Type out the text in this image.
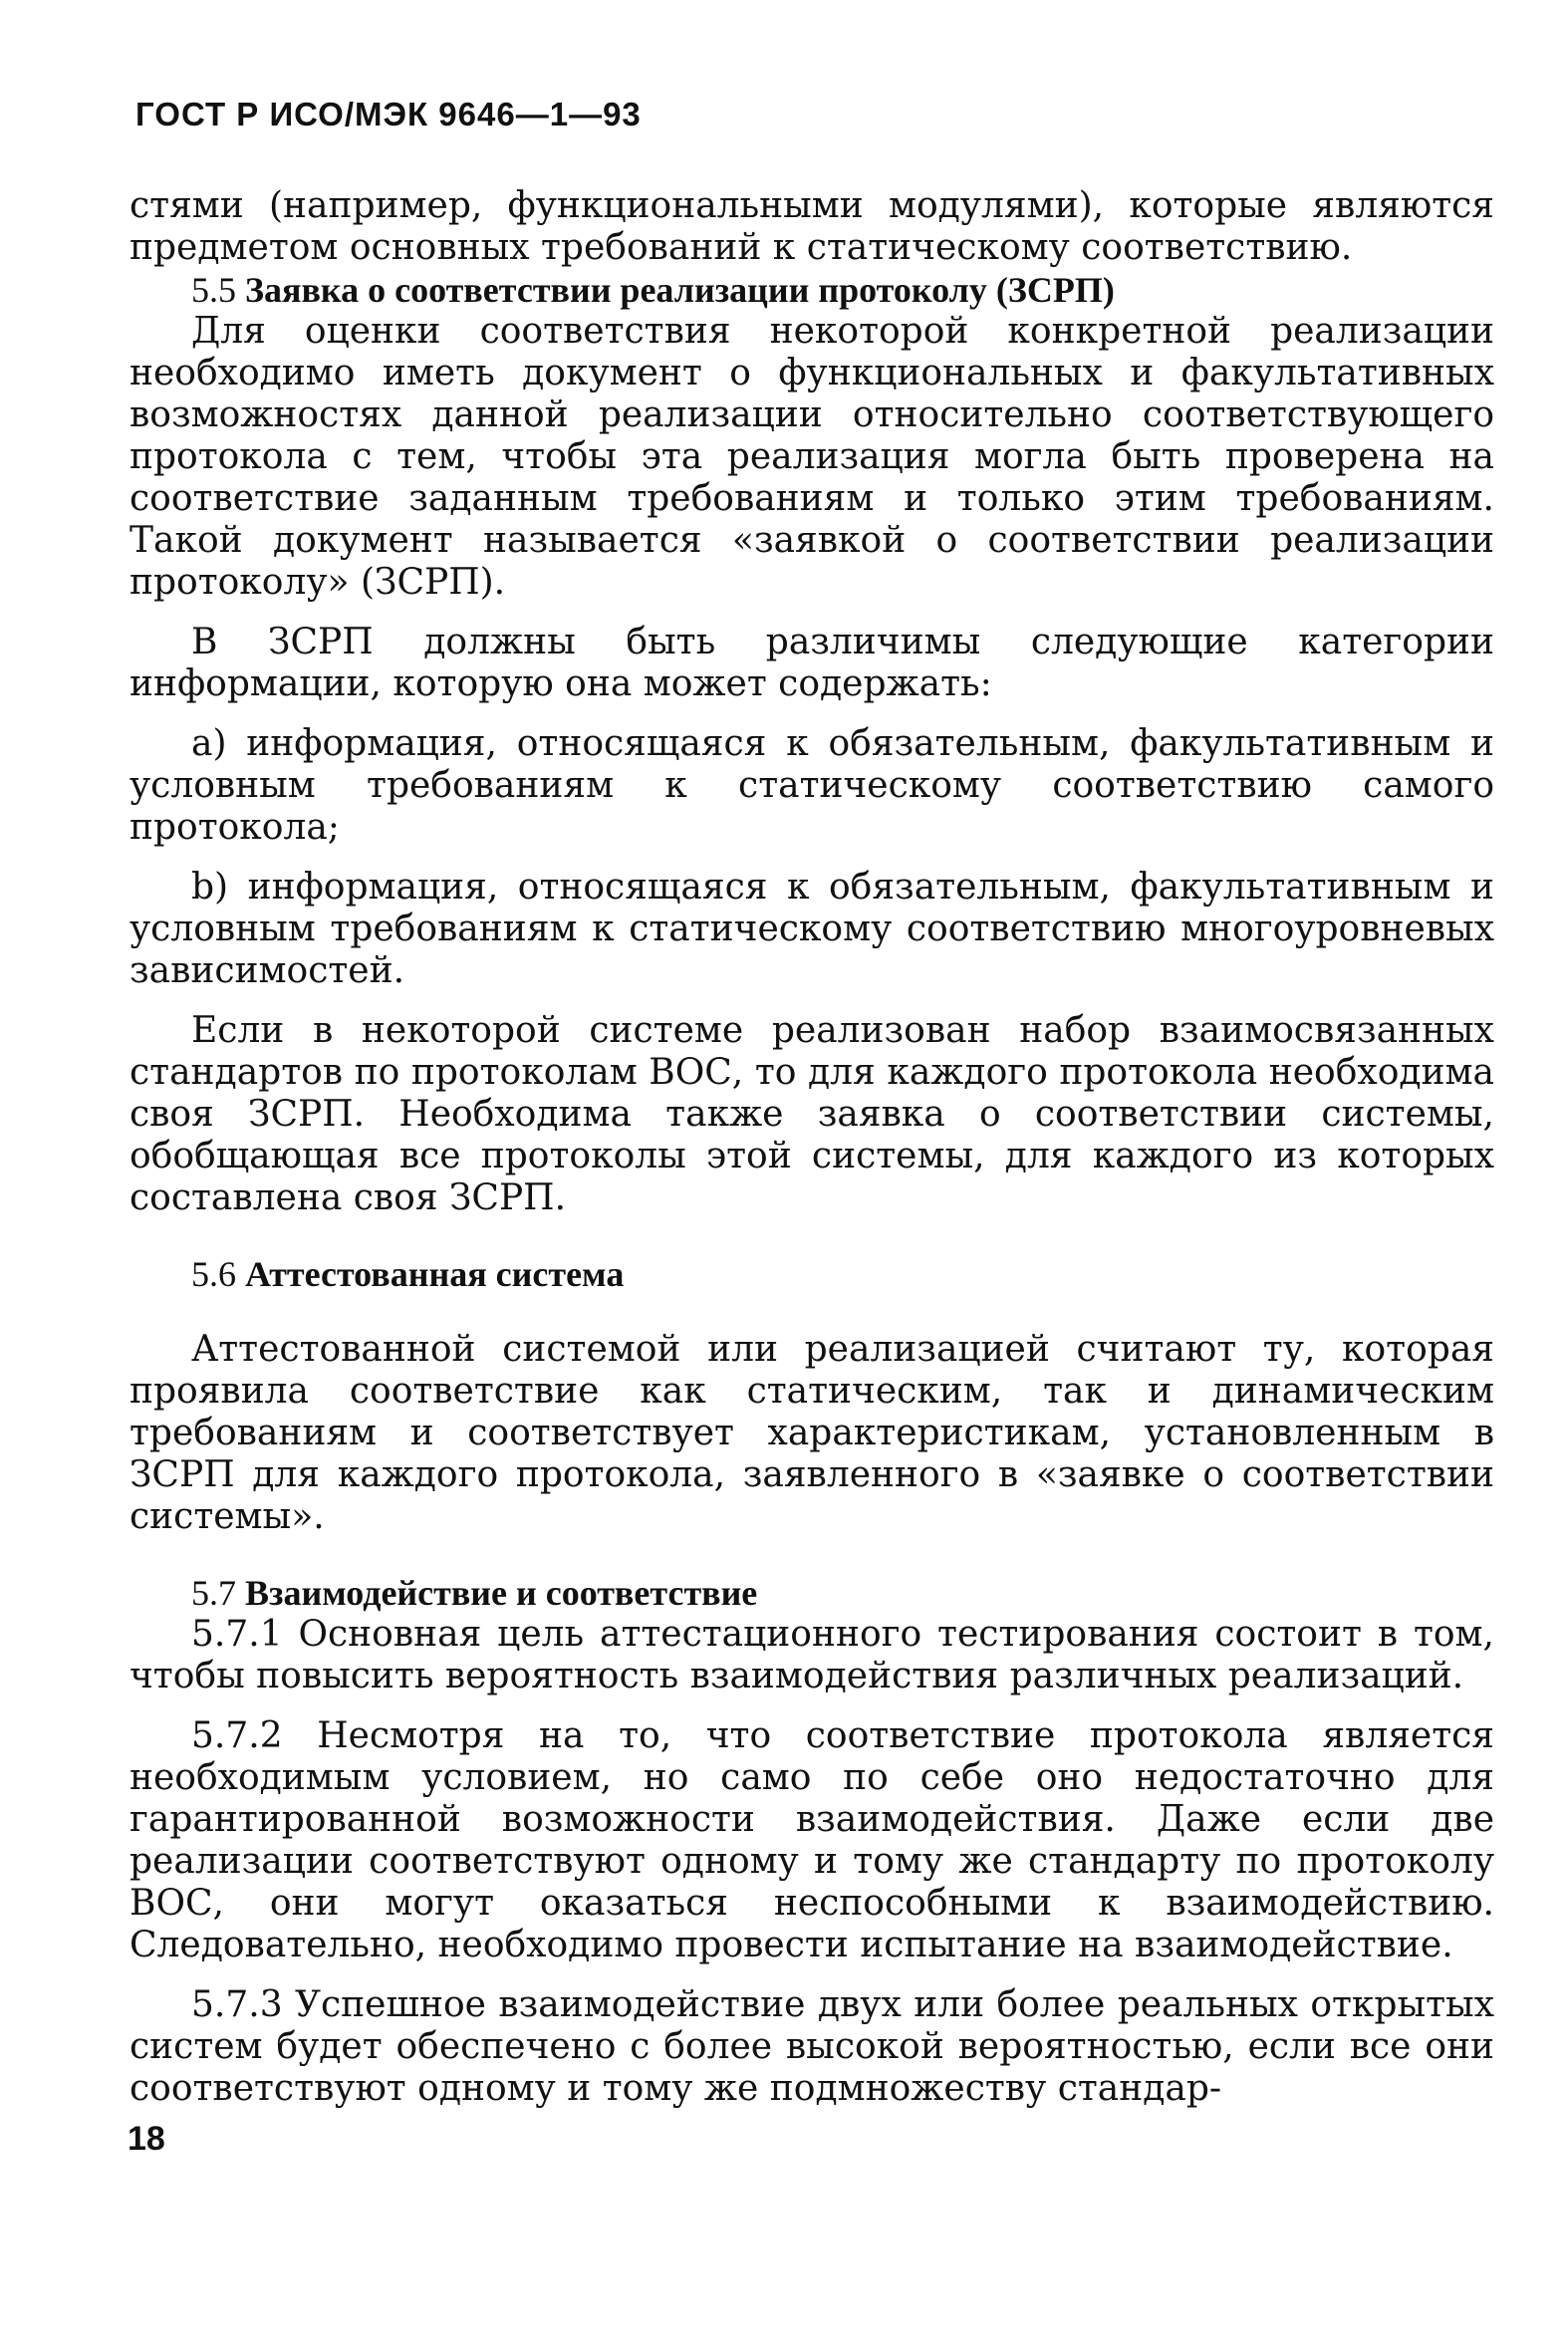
ГОСТ Р ИСО/МЭК 9646—1—93

стями (например, функциональными модулями), которые являются предметом основных требований к статическому соответствию.

5.5 Заявка о соответствии реализации протоколу (ЗСРП)

Для оценки соответствия некоторой конкретной реализации необходимо иметь документ о функциональных и факультативных возможностях данной реализации относительно соответствующего протокола с тем, чтобы эта реализация могла быть проверена на соответствие заданным требованиям и только этим требованиям. Такой документ называется «заявкой о соответствии реализации протоколу» (ЗСРП).

В ЗСРП должны быть различимы следующие категории информации, которую она может содержать:

а) информация, относящаяся к обязательным, факультативным и условным требованиям к статическому соответствию самого протокола;

b) информация, относящаяся к обязательным, факультативным и условным требованиям к статическому соответствию многоуровневых зависимостей.

Если в некоторой системе реализован набор взаимосвязанных стандартов по протоколам ВОС, то для каждого протокола необходима своя ЗСРП. Необходима также заявка о соответствии системы, обобщающая все протоколы этой системы, для каждого из которых составлена своя ЗСРП.

5.6 Аттестованная система

Аттестованной системой или реализацией считают ту, которая проявила соответствие как статическим, так и динамическим требованиям и соответствует характеристикам, установленным в ЗСРП для каждого протокола, заявленного в «заявке о соответствии системы».

5.7 Взаимодействие и соответствие

5.7.1 Основная цель аттестационного тестирования состоит в том, чтобы повысить вероятность взаимодействия различных реализаций.

5.7.2 Несмотря на то, что соответствие протокола является необходимым условием, но само по себе оно недостаточно для гарантированной возможности взаимодействия. Даже если две реализации соответствуют одному и тому же стандарту по протоколу ВОС, они могут оказаться неспособными к взаимодействию. Следовательно, необходимо провести испытание на взаимодействие.

5.7.3 Успешное взаимодействие двух или более реальных открытых систем будет обеспечено с более высокой вероятностью, если все они соответствуют одному и тому же подмножеству стандар-

18
